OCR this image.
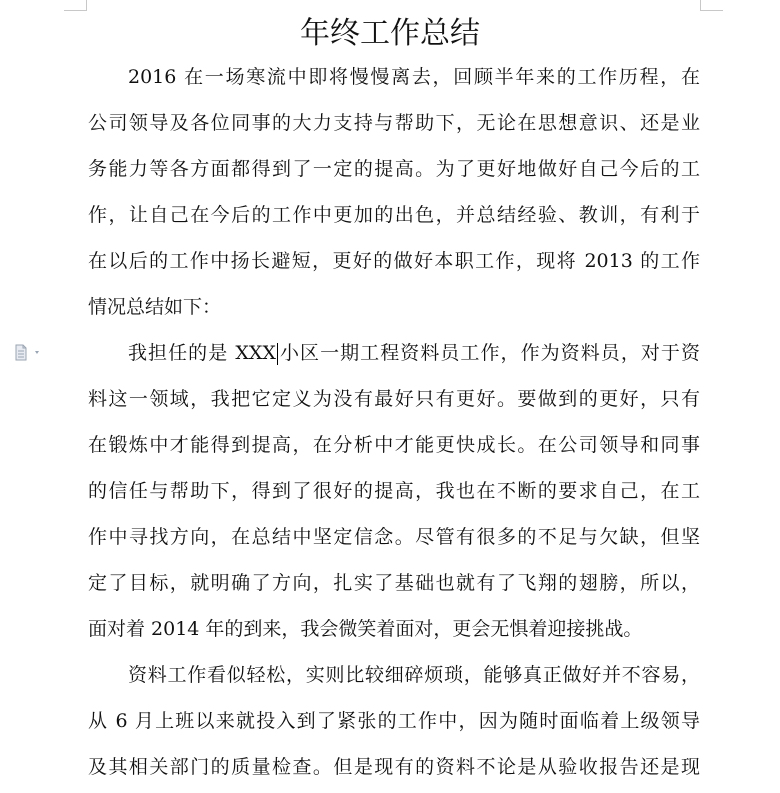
年终工作总结
2016 在一场寒流中即将慢慢离去，回顾半年来的工作历程，在
公司领导及各位同事的大力支持与帮助下，无论在思想意识、还是业
务能力等各方面都得到了一定的提高。为了更好地做好自己今后的工
作，让自己在今后的工作中更加的出色，并总结经验、教训，有利于
在以后的工作中扬长避短，更好的做好本职工作，现将 2013 的工作
情况总结如下：
我担任的是 XXX 小区一期工程资料员工作，作为资料员，对于资
料这一领域，我把它定义为没有最好只有更好。要做到的更好，只有
在锻炼中才能得到提高，在分析中才能更快成长。在公司领导和同事
的信任与帮助下，得到了很好的提高，我也在不断的要求自己，在工
作中寻找方向，在总结中坚定信念。尽管有很多的不足与欠缺，但坚
定了目标，就明确了方向，扎实了基础也就有了飞翔的翅膀，所以，
面对着 2014 年的到来，我会微笑着面对，更会无惧着迎接挑战。
资料工作看似轻松，实则比较细碎烦琐，能够真正做好并不容易，
从 6 月上班以来就投入到了紧张的工作中，因为随时面临着上级领导
及其相关部门的质量检查。但是现有的资料不论是从验收报告还是现
